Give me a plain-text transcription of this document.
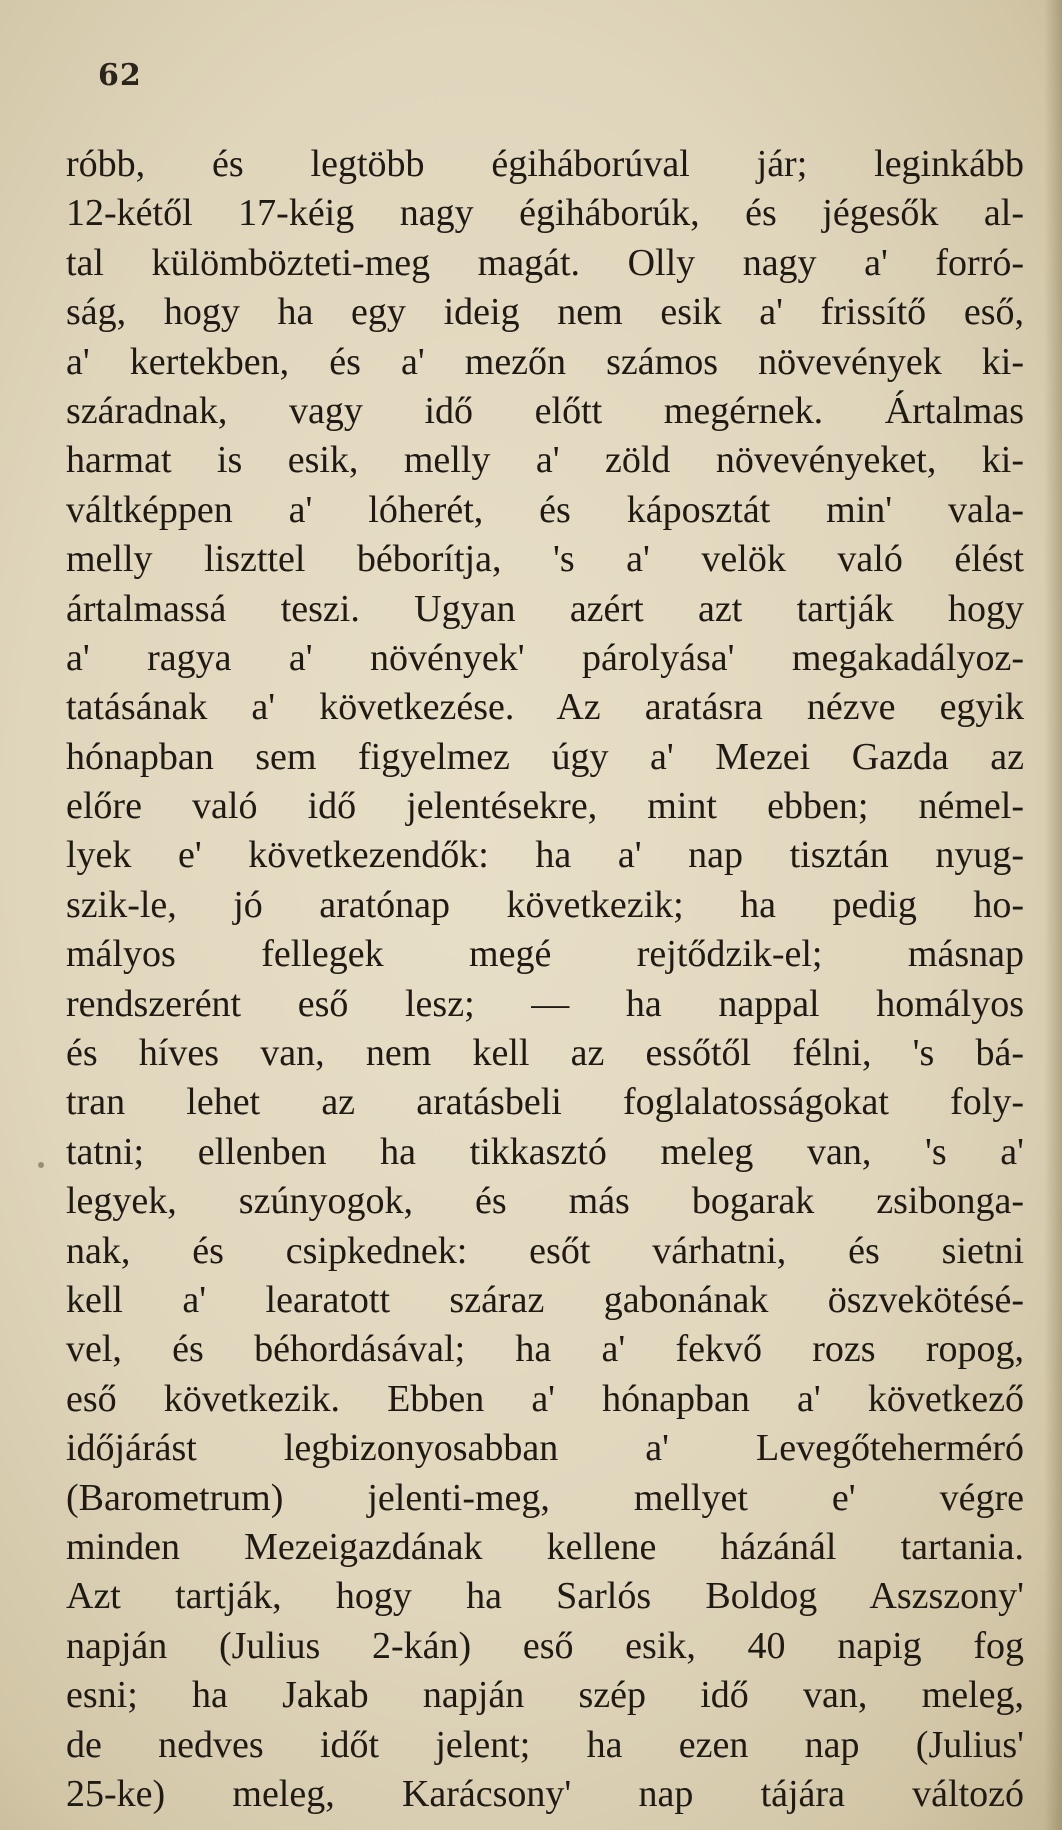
62
róbb, és legtöbb égiháborúval jár; leginkább
12-kétől 17-kéig nagy égiháborúk, és jégesők al-
tal külömbözteti-meg magát. Olly nagy a' forró-
ság, hogy ha egy ideig nem esik a' frissítő eső,
a' kertekben, és a' mezőn számos növevények ki-
száradnak, vagy idő előtt megérnek. Ártalmas
harmat is esik, melly a' zöld növevényeket, ki-
váltképpen a' lóherét, és káposztát min' vala-
melly liszttel béborítja, 's a' velök való élést
ártalmassá teszi. Ugyan azért azt tartják hogy
a' ragya a' növények' párolyása' megakadályoz-
tatásának a' következése. Az aratásra nézve egyik
hónapban sem figyelmez úgy a' Mezei Gazda az
előre való idő jelentésekre, mint ebben; némel-
lyek e' következendők: ha a' nap tisztán nyug-
szik-le, jó aratónap következik; ha pedig ho-
mályos fellegek megé rejtődzik-el; másnap
rendszerént eső lesz; — ha nappal homályos
és híves van, nem kell az essőtől félni, 's bá-
tran lehet az aratásbeli foglalatosságokat foly-
tatni; ellenben ha tikkasztó meleg van, 's a'
legyek, szúnyogok, és más bogarak zsibonga-
nak, és csipkednek: esőt várhatni, és sietni
kell a' learatott száraz gabonának öszvekötésé-
vel, és béhordásával; ha a' fekvő rozs ropog,
eső következik. Ebben a' hónapban a' következő
időjárást legbizonyosabban a' Levegőteherméró
(Barometrum) jelenti-meg, mellyet e' végre
minden Mezeigazdának kellene házánál tartania.
Azt tartják, hogy ha Sarlós Boldog Aszszony'
napján (Julius 2-kán) eső esik, 40 napig fog
esni; ha Jakab napján szép idő van, meleg,
de nedves időt jelent; ha ezen nap (Julius'
25-ke) meleg, Karácsony' nap tájára változó
